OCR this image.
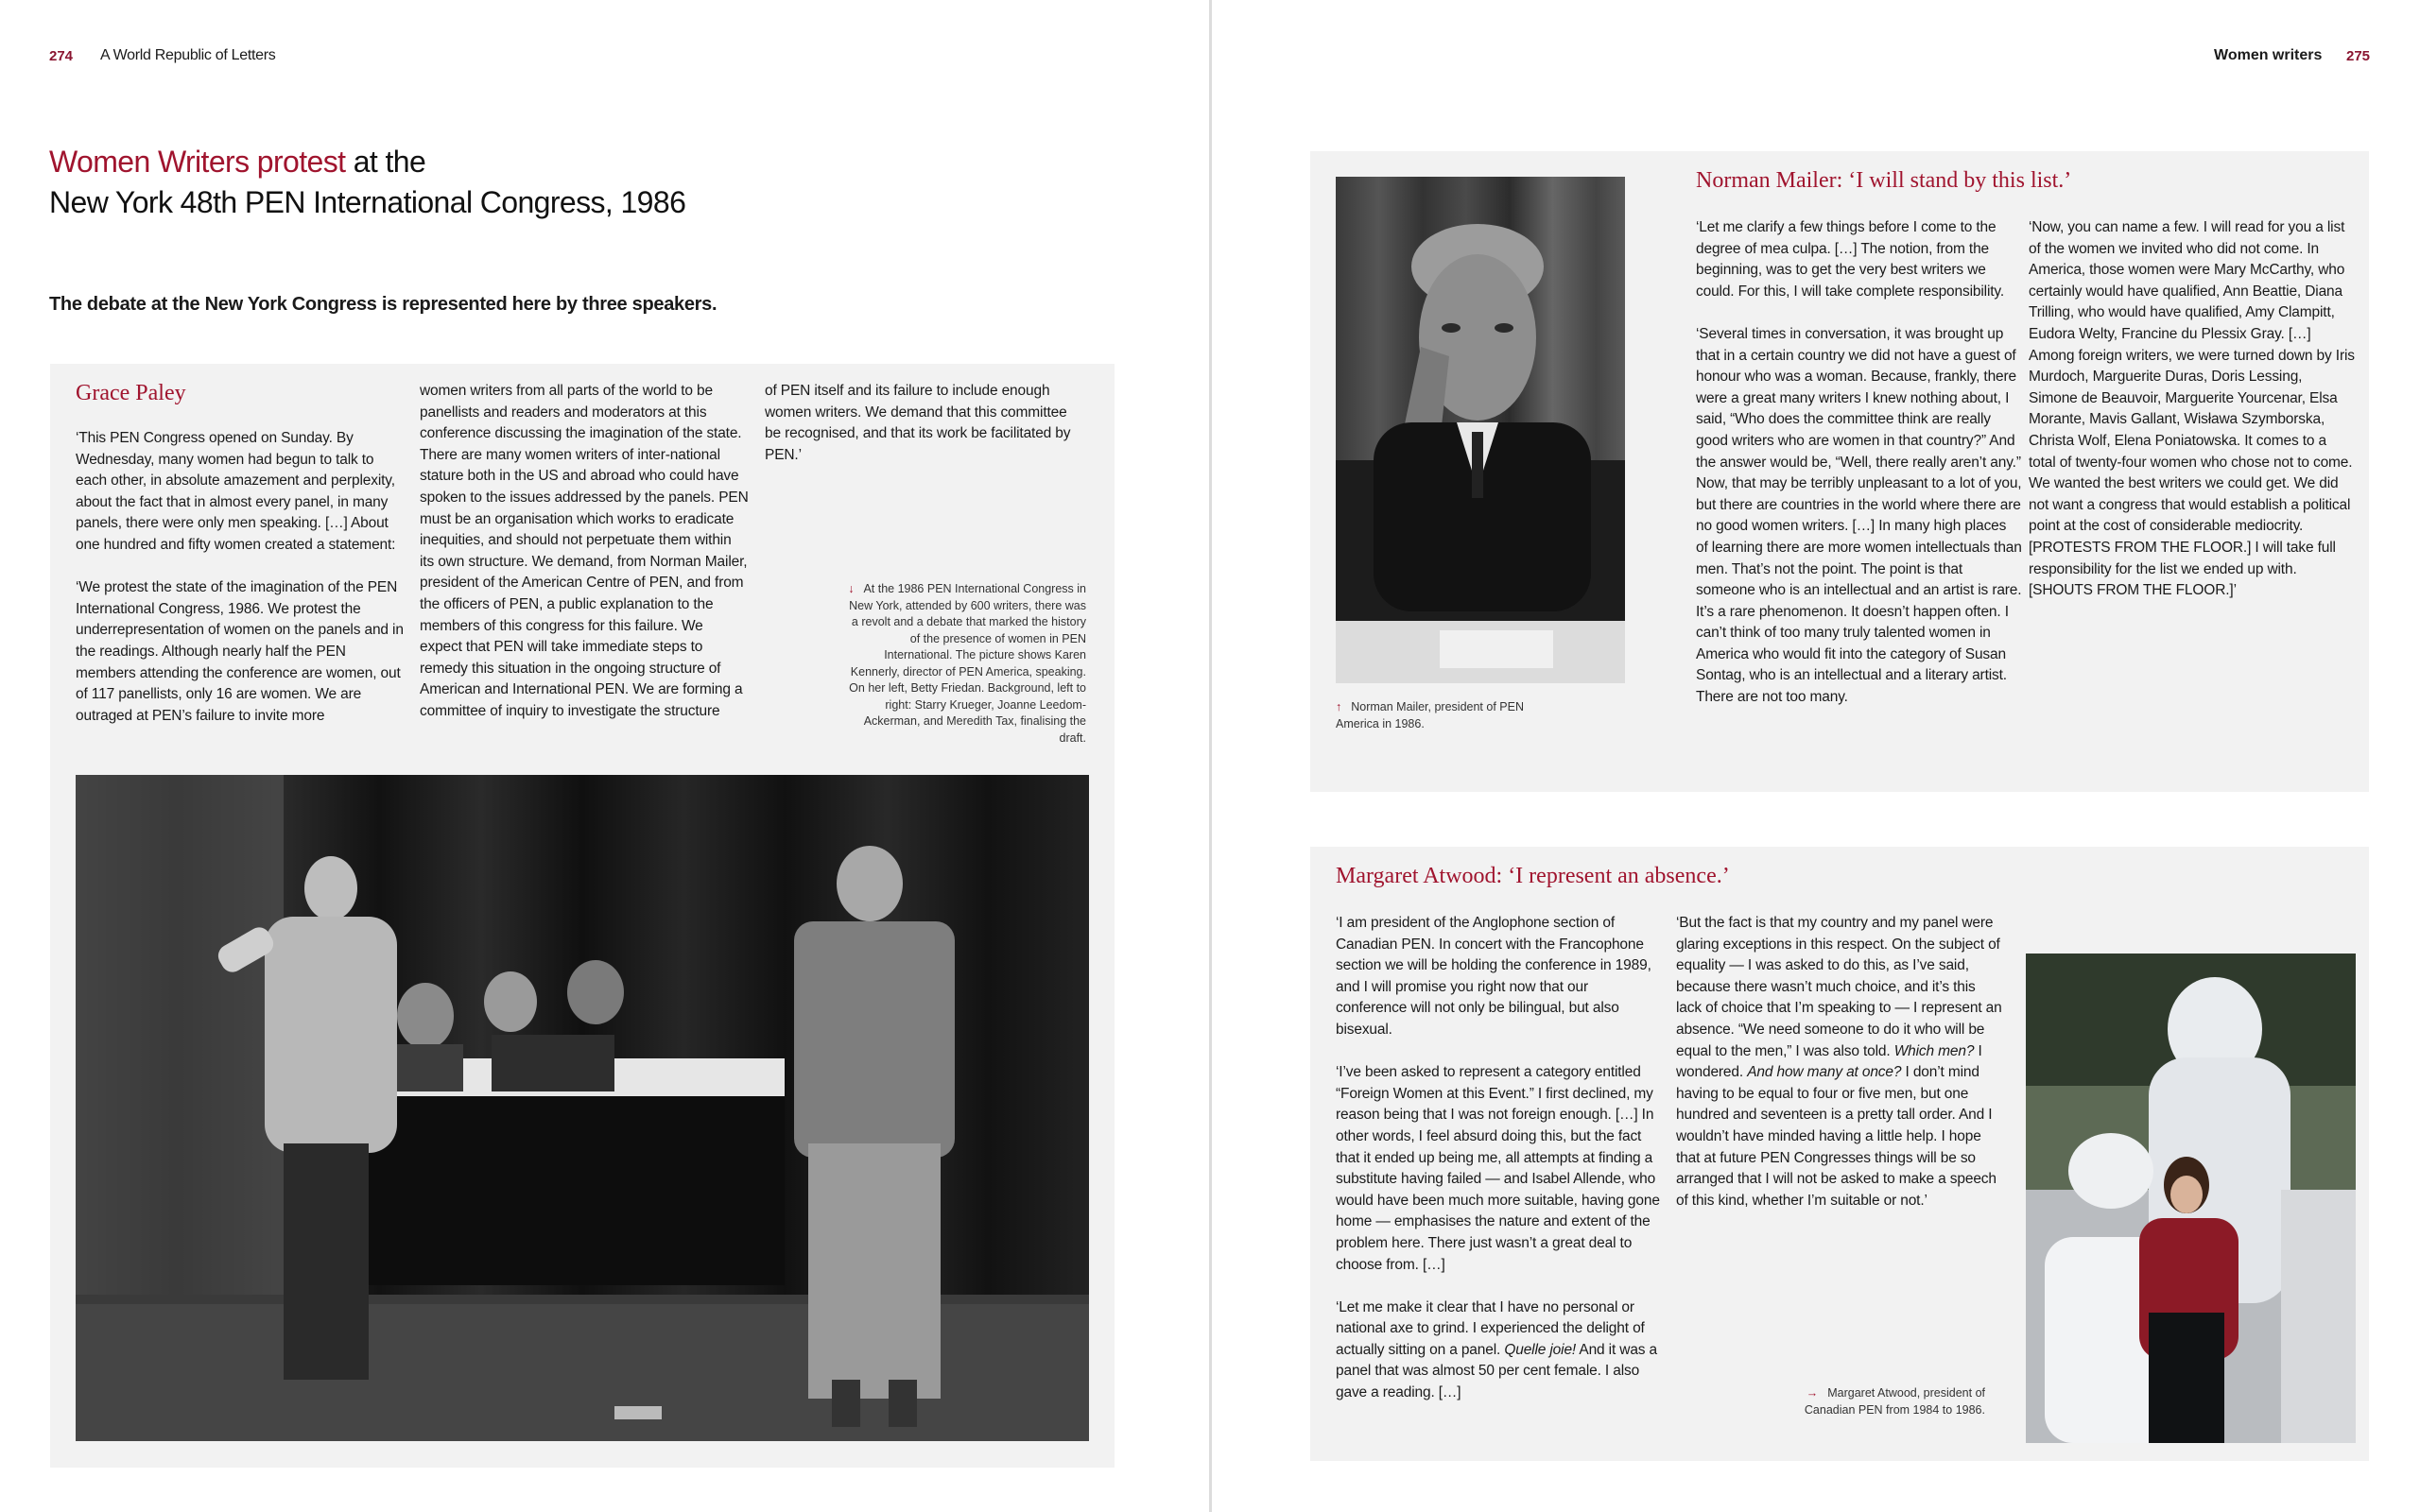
274 A World Republic of Letters
Women Writers protest at the
New York 48th PEN International Congress, 1986
The debate at the New York Congress is represented here by three speakers.
Grace Paley

‘This PEN Congress opened on Sunday. By Wednesday, many women had begun to talk to each other, in absolute amazement and perplexity, about the fact that in almost every panel, in many panels, there were only men speaking. […] About one hundred and fifty women created a statement:

‘We protest the state of the imagination of the PEN International Congress, 1986. We protest the underrepresentation of women on the panels and in the readings. Although nearly half the PEN members attending the conference are women, out of 117 panellists, only 16 are women. We are outraged at PEN’s failure to invite more

women writers from all parts of the world to be panellists and readers and moderators at this conference discussing the imagination of the state. There are many women writers of inter-national stature both in the US and abroad who could have spoken to the issues addressed by the panels. PEN must be an organisation which works to eradicate inequities, and should not perpetuate them within its own structure. We demand, from Norman Mailer, president of the American Centre of PEN, and from the officers of PEN, a public explanation to the members of this congress for this failure. We expect that PEN will take immediate steps to remedy this situation in the ongoing structure of American and International PEN. We are forming a committee of inquiry to investigate the structure

of PEN itself and its failure to include enough women writers. We demand that this committee be recognised, and that its work be facilitated by PEN.’

↓ At the 1986 PEN International Congress in New York, attended by 600 writers, there was a revolt and a debate that marked the history of the presence of women in PEN International. The picture shows Karen Kennerly, director of PEN America, speaking. On her left, Betty Friedan. Background, left to right: Starry Krueger, Joanne Leedom-Ackerman, and Meredith Tax, finalising the draft.
Women writers 275
↑ Norman Mailer, president of PEN America in 1986.
Norman Mailer: ‘I will stand by this list.’

‘Let me clarify a few things before I come to the degree of mea culpa. […] The notion, from the beginning, was to get the very best writers we could. For this, I will take complete responsibility.

‘Several times in conversation, it was brought up that in a certain country we did not have a guest of honour who was a woman. Because, frankly, there were a great many writers I knew nothing about, I said, “Who does the committee think are really good writers who are women in that country?” And the answer would be, “Well, there really aren’t any.” Now, that may be terribly unpleasant to a lot of you, but there are countries in the world where there are no good women writers. […] In many high places of learning there are more women intellectuals than men. That’s not the point. The point is that someone who is an intellectual and an artist is rare. It’s a rare phenomenon. It doesn’t happen often. I can’t think of too many truly talented women in America who would fit into the category of Susan Sontag, who is an intellectual and a literary artist. There are not too many.

‘Now, you can name a few. I will read for you a list of the women we invited who did not come. In America, those women were Mary McCarthy, who certainly would have qualified, Ann Beattie, Diana Trilling, who would have qualified, Amy Clampitt, Eudora Welty, Francine du Plessix Gray. […] Among foreign writers, we were turned down by Iris Murdoch, Marguerite Duras, Doris Lessing, Simone de Beauvoir, Marguerite Yourcenar, Elsa Morante, Mavis Gallant, Wisława Szymborska, Christa Wolf, Elena Poniatowska. It comes to a total of twenty-four women who chose not to come. We wanted the best writers we could get. We did not want a congress that would establish a political point at the cost of considerable mediocrity. [PROTESTS FROM THE FLOOR.] I will take full responsibility for the list we ended up with. [SHOUTS FROM THE FLOOR.]’

Margaret Atwood: ‘I represent an absence.’

‘I am president of the Anglophone section of Canadian PEN. In concert with the Francophone section we will be holding the conference in 1989, and I will promise you right now that our conference will not only be bilingual, but also bisexual.

‘I’ve been asked to represent a category entitled “Foreign Women at this Event.” I first declined, my reason being that I was not foreign enough. […] In other words, I feel absurd doing this, but the fact that it ended up being me, all attempts at finding a substitute having failed — and Isabel Allende, who would have been much more suitable, having gone home — emphasises the nature and extent of the problem here. There just wasn’t a great deal to choose from. […]

‘Let me make it clear that I have no personal or national axe to grind. I experienced the delight of actually sitting on a panel. Quelle joie! And it was a panel that was almost 50 per cent female. I also gave a reading. […]

‘But the fact is that my country and my panel were glaring exceptions in this respect. On the subject of equality — I was asked to do this, as I’ve said, because there wasn’t much choice, and it’s this lack of choice that I’m speaking to — I represent an absence. “We need someone to do it who will be equal to the men,” I was also told. Which men? I wondered. And how many at once? I don’t mind having to be equal to four or five men, but one hundred and seventeen is a pretty tall order. And I wouldn’t have minded having a little help. I hope that at future PEN Congresses things will be so arranged that I will not be asked to make a speech of this kind, whether I’m suitable or not.’

→ Margaret Atwood, president of Canadian PEN from 1984 to 1986.
